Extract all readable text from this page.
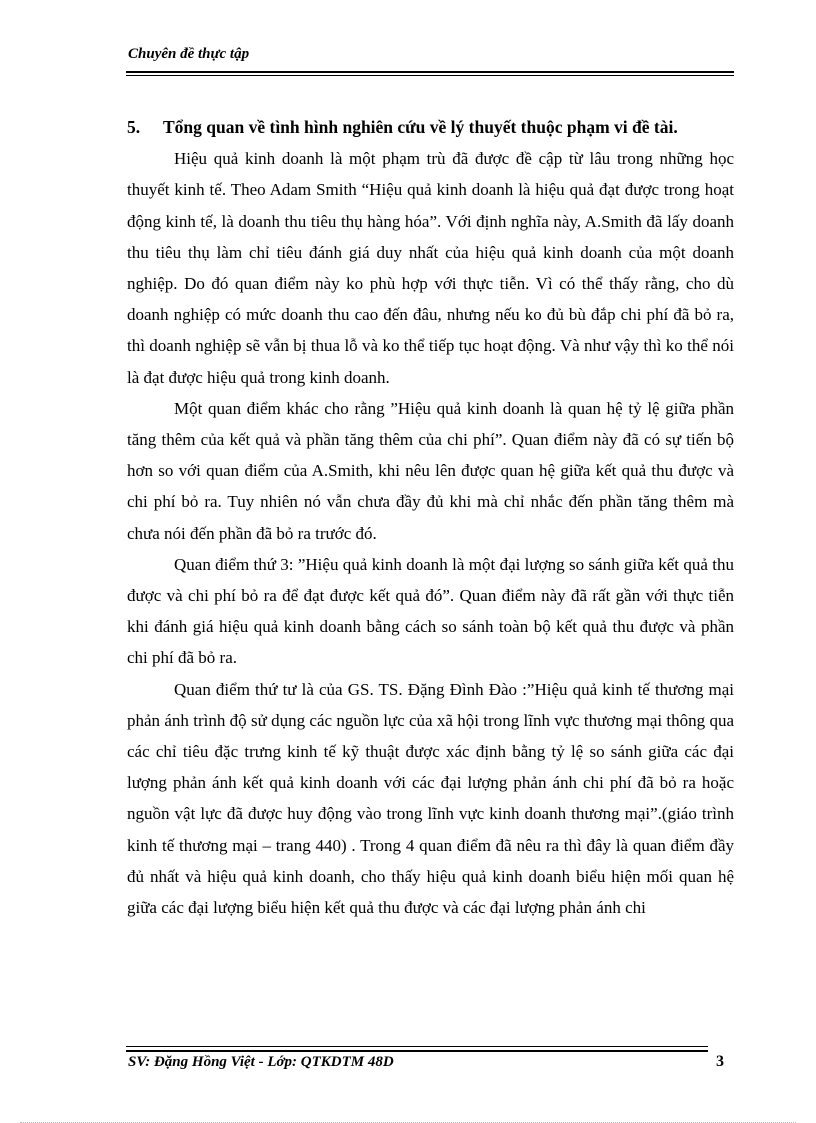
Chuyên đề thực tập

5. Tổng quan về tình hình nghiên cứu về lý thuyết thuộc phạm vi đề tài.

Hiệu quả kinh doanh là một phạm trù đã được đề cập từ lâu trong những học thuyết kinh tế. Theo Adam Smith “Hiệu quả kinh doanh là hiệu quả đạt được trong hoạt động kinh tế, là doanh thu tiêu thụ hàng hóa”. Với định nghĩa này, A.Smith đã lấy doanh thu tiêu thụ làm chỉ tiêu đánh giá duy nhất của hiệu quả kinh doanh của một doanh nghiệp. Do đó quan điểm này ko phù hợp với thực tiễn. Vì có thể thấy rằng, cho dù doanh nghiệp có mức doanh thu cao đến đâu, nhưng nếu ko đủ bù đắp chi phí đã bỏ ra, thì doanh nghiệp sẽ vẫn bị thua lỗ và ko thể tiếp tục hoạt động. Và như vậy thì ko thể nói là đạt được hiệu quả trong kinh doanh.

Một quan điểm khác cho rằng ”Hiệu quả kinh doanh là quan hệ tỷ lệ giữa phần tăng thêm của kết quả và phần tăng thêm của chi phí”. Quan điểm này đã có sự tiến bộ hơn so với quan điểm của A.Smith, khi nêu lên được quan hệ giữa kết quả thu được và chi phí bỏ ra. Tuy nhiên nó vẫn chưa đầy đủ khi mà chỉ nhắc đến phần tăng thêm mà chưa nói đến phần đã bỏ ra trước đó.

Quan điểm thứ 3: ”Hiệu quả kinh doanh là một đại lượng so sánh giữa kết quả thu được và chi phí bỏ ra để đạt được kết quả đó”. Quan điểm này đã rất gần với thực tiễn khi đánh giá hiệu quả kinh doanh bằng cách so sánh toàn bộ kết quả thu được và phần chi phí đã bỏ ra.

Quan điểm thứ tư là của GS. TS. Đặng Đình Đào :”Hiệu quả kinh tế thương mại phản ánh trình độ sử dụng các nguồn lực của xã hội trong lĩnh vực thương mại thông qua các chỉ tiêu đặc trưng kinh tế kỹ thuật được xác định bằng tỷ lệ so sánh giữa các đại lượng phản ánh kết quả kinh doanh với các đại lượng phản ánh chi phí đã bỏ ra hoặc nguồn vật lực đã được huy động vào trong lĩnh vực kinh doanh thương mại”.(giáo trình kinh tế thương mại – trang 440) . Trong 4 quan điểm đã nêu ra thì đây là quan điểm đầy đủ nhất và hiệu quả kinh doanh, cho thấy hiệu quả kinh doanh biểu hiện mối quan hệ giữa các đại lượng biểu hiện kết quả thu được và các đại lượng phản ánh chi

SV: Đặng Hồng Việt - Lớp: QTKDTM 48D	3
